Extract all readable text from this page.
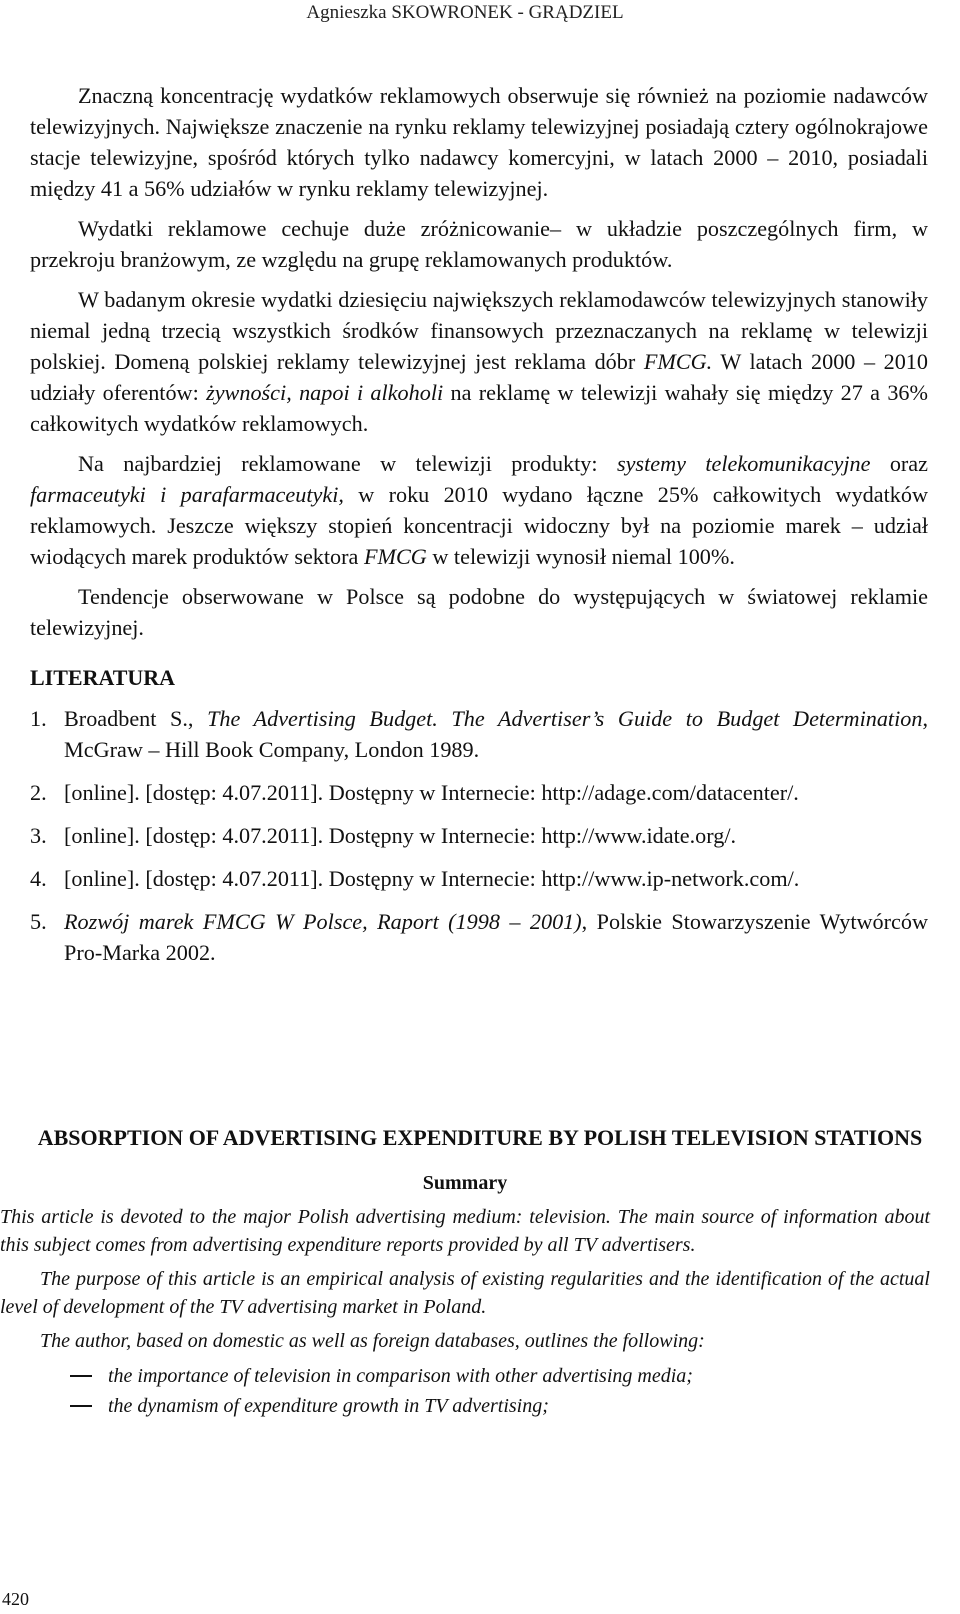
Agnieszka SKOWRONEK - GRĄDZIEL

Znaczną koncentrację wydatków reklamowych obserwuje się również na poziomie nadawców telewizyjnych. Największe znaczenie na rynku reklamy telewizyjnej posiadają cztery ogólnokrajowe stacje telewizyjne, spośród których tylko nadawcy komercyjni, w latach 2000 – 2010, posiadali między 41 a 56% udziałów w rynku reklamy telewizyjnej.

Wydatki reklamowe cechuje duże zróżnicowanie– w układzie poszczególnych firm, w przekroju branżowym, ze względu na grupę reklamowanych produktów.

W badanym okresie wydatki dziesięciu największych reklamodawców telewizyjnych stanowiły niemal jedną trzecią wszystkich środków finansowych przeznaczanych na reklamę w telewizji polskiej. Domeną polskiej reklamy telewizyjnej jest reklama dóbr FMCG. W latach 2000 – 2010 udziały oferentów: żywności, napoi i alkoholi na reklamę w telewizji wahały się między 27 a 36% całkowitych wydatków reklamowych.

Na najbardziej reklamowane w telewizji produkty: systemy telekomunikacyjne oraz farmaceutyki i parafarmaceutyki, w roku 2010 wydano łączne 25% całkowitych wydatków reklamowych. Jeszcze większy stopień koncentracji widoczny był na poziomie marek – udział wiodących marek produktów sektora FMCG w telewizji wynosił niemal 100%.

Tendencje obserwowane w Polsce są podobne do występujących w światowej reklamie telewizyjnej.

LITERATURA
1. Broadbent S., The Advertising Budget. The Advertiser’s Guide to Budget Determination, McGraw – Hill Book Company, London 1989.
2. [online]. [dostęp: 4.07.2011]. Dostępny w Internecie: http://adage.com/datacenter/.
3. [online]. [dostęp: 4.07.2011]. Dostępny w Internecie: http://www.idate.org/.
4. [online]. [dostęp: 4.07.2011]. Dostępny w Internecie: http://www.ip-network.com/.
5. Rozwój marek FMCG W Polsce, Raport (1998 – 2001), Polskie Stowarzyszenie Wytwórców Pro-Marka 2002.
ABSORPTION OF ADVERTISING EXPENDITURE BY POLISH TELEVISION STATIONS
Summary

This article is devoted to the major Polish advertising medium: television. The main source of information about this subject comes from advertising expenditure reports provided by all TV advertisers.

The purpose of this article is an empirical analysis of existing regularities and the identification of the actual level of development of the TV advertising market in Poland.

The author, based on domestic as well as foreign databases, outlines the following:

the importance of television in comparison with other advertising media;
the dynamism of expenditure growth in TV advertising;
420
